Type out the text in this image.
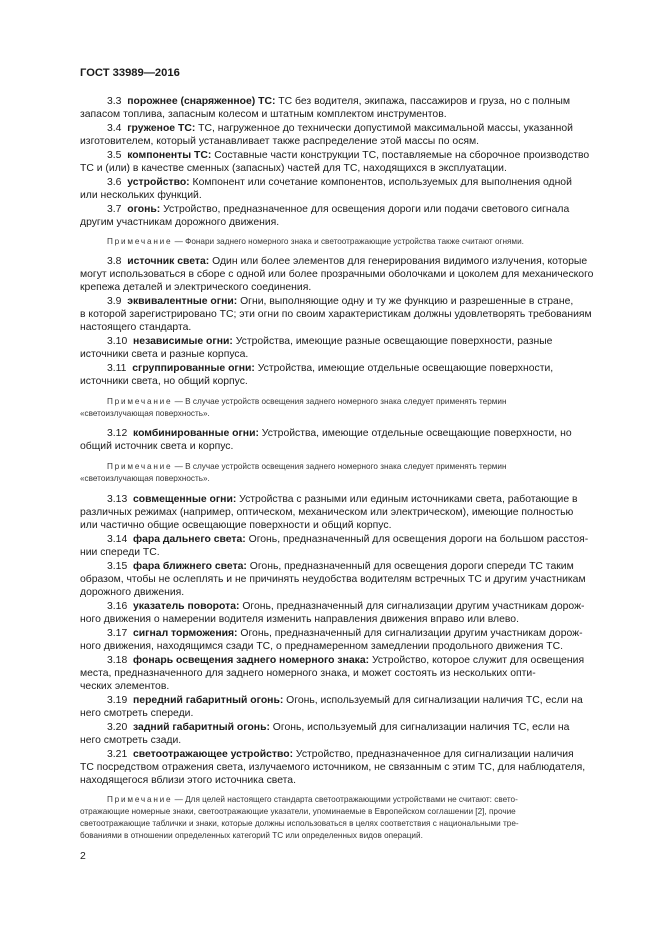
ГОСТ 33989—2016
3.3 порожнее (снаряженное) ТС: ТС без водителя, экипажа, пассажиров и груза, но с полным
запасом топлива, запасным колесом и штатным комплектом инструментов.
3.4 груженое ТС: ТС, нагруженное до технически допустимой максимальной массы, указанной
изготовителем, который устанавливает также распределение этой массы по осям.
3.5 компоненты ТС: Составные части конструкции ТС, поставляемые на сборочное производство
ТС и (или) в качестве сменных (запасных) частей для ТС, находящихся в эксплуатации.
3.6 устройство: Компонент или сочетание компонентов, используемых для выполнения одной
или нескольких функций.
3.7 огонь: Устройство, предназначенное для освещения дороги или подачи светового сигнала
другим участникам дорожного движения.
Примечание — Фонари заднего номерного знака и светоотражающие устройства также считают огнями.
3.8 источник света: Один или более элементов для генерирования видимого излучения, которые
могут использоваться в сборе с одной или более прозрачными оболочками и цоколем для механического
крепежа деталей и электрического соединения.
3.9 эквивалентные огни: Огни, выполняющие одну и ту же функцию и разрешенные в стране,
в которой зарегистрировано ТС; эти огни по своим характеристикам должны удовлетворять требованиям
настоящего стандарта.
3.10 независимые огни: Устройства, имеющие разные освещающие поверхности, разные
источники света и разные корпуса.
3.11 сгруппированные огни: Устройства, имеющие отдельные освещающие поверхности,
источники света, но общий корпус.
Примечание — В случае устройств освещения заднего номерного знака следует применять термин
«светоизлучающая поверхность».
3.12 комбинированные огни: Устройства, имеющие отдельные освещающие поверхности, но
общий источник света и корпус.
Примечание — В случае устройств освещения заднего номерного знака следует применять термин
«светоизлучающая поверхность».
3.13 совмещенные огни: Устройства с разными или единым источниками света, работающие в
различных режимах (например, оптическом, механическом или электрическом), имеющие полностью
или частично общие освещающие поверхности и общий корпус.
3.14 фара дальнего света: Огонь, предназначенный для освещения дороги на большом расстоя-
нии спереди ТС.
3.15 фара ближнего света: Огонь, предназначенный для освещения дороги спереди ТС таким
образом, чтобы не ослеплять и не причинять неудобства водителям встречных ТС и другим участникам
дорожного движения.
3.16 указатель поворота: Огонь, предназначенный для сигнализации другим участникам дорож-
ного движения о намерении водителя изменить направления движения вправо или влево.
3.17 сигнал торможения: Огонь, предназначенный для сигнализации другим участникам дорож-
ного движения, находящимся сзади ТС, о преднамеренном замедлении продольного движения ТС.
3.18 фонарь освещения заднего номерного знака: Устройство, которое служит для освещения
места, предназначенного для заднего номерного знака, и может состоять из нескольких опти-
ческих элементов.
3.19 передний габаритный огонь: Огонь, используемый для сигнализации наличия ТС, если на
него смотреть спереди.
3.20 задний габаритный огонь: Огонь, используемый для сигнализации наличия ТС, если на
него смотреть сзади.
3.21 светоотражающее устройство: Устройство, предназначенное для сигнализации наличия
ТС посредством отражения света, излучаемого источником, не связанным с этим ТС, для наблюдателя,
находящегося вблизи этого источника света.
Примечание — Для целей настоящего стандарта светоотражающими устройствами не считают: свето-
отражающие номерные знаки, светоотражающие указатели, упоминаемые в Европейском соглашении [2], прочие
светоотражающие таблички и знаки, которые должны использоваться в целях соответствия с национальными тре-
бованиями в отношении определенных категорий ТС или определенных видов операций.
2
